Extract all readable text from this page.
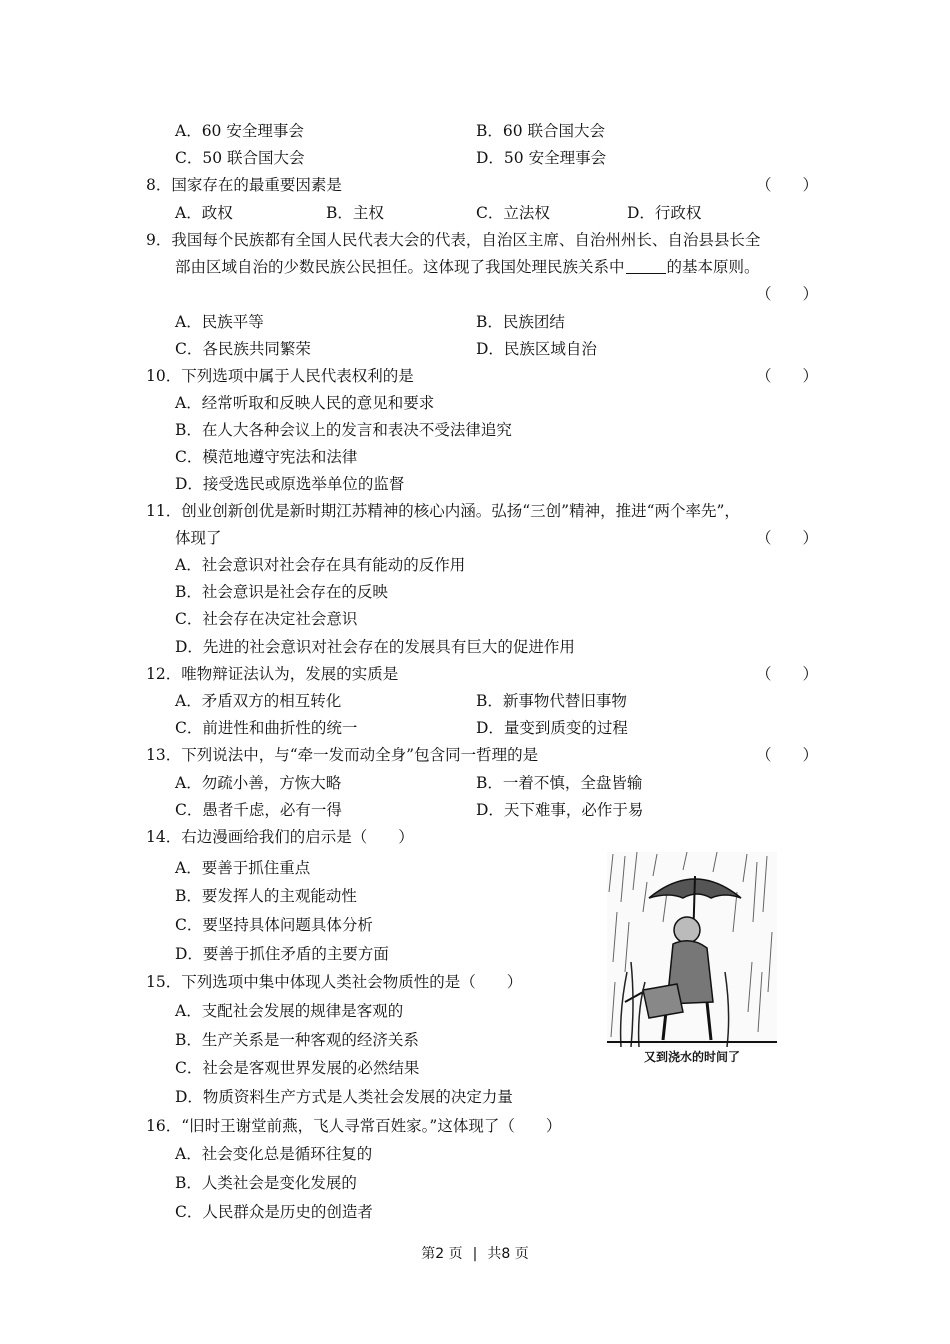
A．60 安全理事会	B．60 联合国大会
C．50 联合国大会	D．50 安全理事会
8．国家存在的最重要因素是	（　　）
A．政权	B．主权	C．立法权	D．行政权
9．我国每个民族都有全国人民代表大会的代表，自治区主席、自治州州长、自治县县长全
部由区域自治的少数民族公民担任。这体现了我国处理民族关系中	的基本原则。
（　　）
A．民族平等	B．民族团结
C．各民族共同繁荣	D．民族区域自治
10．下列选项中属于人民代表权利的是	（　　）
A．经常听取和反映人民的意见和要求
B．在人大各种会议上的发言和表决不受法律追究
C．模范地遵守宪法和法律
D．接受选民或原选举单位的监督
11．创业创新创优是新时期江苏精神的核心内涵。弘扬“三创”精神，推进“两个率先”，
体现了	（　　）
A．社会意识对社会存在具有能动的反作用
B．社会意识是社会存在的反映
C．社会存在决定社会意识
D．先进的社会意识对社会存在的发展具有巨大的促进作用
12．唯物辩证法认为，发展的实质是	（　　）
A．矛盾双方的相互转化	B．新事物代替旧事物
C．前进性和曲折性的统一	D．量变到质变的过程
13．下列说法中，与“牵一发而动全身”包含同一哲理的是	（　　）
A．勿疏小善，方恢大略	B．一着不慎，全盘皆输
C．愚者千虑，必有一得	D．天下难事，必作于易
14．右边漫画给我们的启示是（　　）
A．要善于抓住重点
B．要发挥人的主观能动性
C．要坚持具体问题具体分析
D．要善于抓住矛盾的主要方面
又到浇水的时间了
15．下列选项中集中体现人类社会物质性的是（　　）
A．支配社会发展的规律是客观的
B．生产关系是一种客观的经济关系
C．社会是客观世界发展的必然结果
D．物质资料生产方式是人类社会发展的决定力量
16．“旧时王谢堂前燕，飞人寻常百姓家。”这体现了（　　）
A．社会变化总是循环往复的
B．人类社会是变化发展的
C．人民群众是历史的创造者
第2 页 | 共8 页
